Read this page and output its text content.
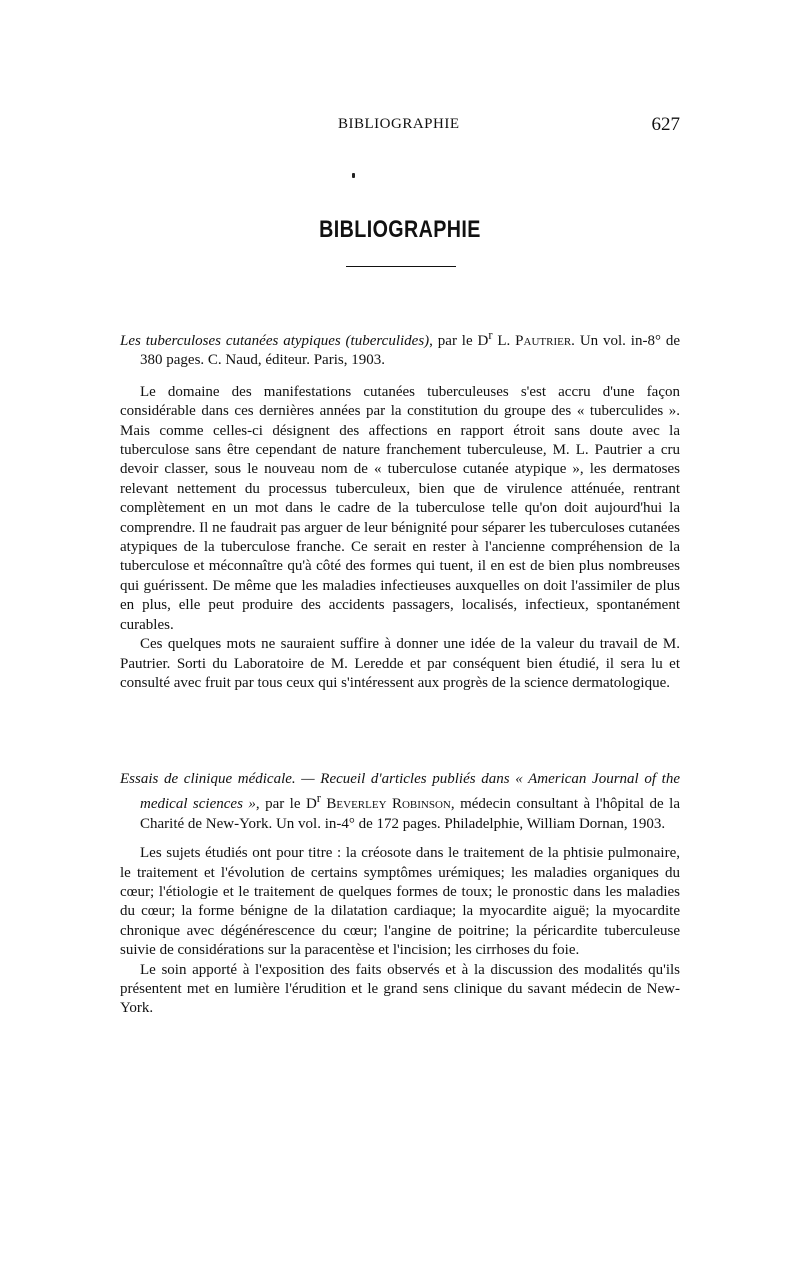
BIBLIOGRAPHIE	627
BIBLIOGRAPHIE

Les tuberculoses cutanées atypiques (tuberculides), par le $D^r$ L. Pautrier. Un vol. in-8° de 380 pages. C. Naud, éditeur. Paris, 1903.

Le domaine des manifestations cutanées tuberculeuses s'est accru d'une façon considérable dans ces dernières années par la constitution du groupe des « tuberculides ». Mais comme celles-ci désignent des affections en rapport étroit sans doute avec la tuberculose sans être cependant de nature franchement tuberculeuse, M. L. Pautrier a cru devoir classer, sous le nouveau nom de « tuberculose cutanée atypique », les dermatoses relevant nettement du processus tuberculeux, bien que de virulence atténuée, rentrant complètement en un mot dans le cadre de la tuberculose telle qu'on doit aujourd'hui la comprendre. Il ne faudrait pas arguer de leur bénignité pour séparer les tuberculoses cutanées atypiques de la tuberculose franche. Ce serait en rester à l'ancienne compréhension de la tuberculose et méconnaître qu'à côté des formes qui tuent, il en est de bien plus nombreuses qui guérissent. De même que les maladies infectieuses auxquelles on doit l'assimiler de plus en plus, elle peut produire des accidents passagers, localisés, infectieux, spontanément curables.

Ces quelques mots ne sauraient suffire à donner une idée de la valeur du travail de M. Pautrier. Sorti du Laboratoire de M. Leredde et par conséquent bien étudié, il sera lu et consulté avec fruit par tous ceux qui s'intéressent aux progrès de la science dermatologique.

Essais de clinique médicale. — Recueil d'articles publiés dans « American Journal of the medical sciences », par le $D^r$ Beverley Robinson, médecin consultant à l'hôpital de la Charité de New-York. Un vol. in-4° de 172 pages. Philadelphie, William Dornan, 1903.

Les sujets étudiés ont pour titre : la créosote dans le traitement de la phtisie pulmonaire, le traitement et l'évolution de certains symptômes urémiques; les maladies organiques du cœur; l'étiologie et le traitement de quelques formes de toux; le pronostic dans les maladies du cœur; la forme bénigne de la dilatation cardiaque; la myocardite aiguë; la myocardite chronique avec dégénérescence du cœur; l'angine de poitrine; la péricardite tuberculeuse suivie de considérations sur la paracentèse et l'incision; les cirrhoses du foie.

Le soin apporté à l'exposition des faits observés et à la discussion des modalités qu'ils présentent met en lumière l'érudition et le grand sens clinique du savant médecin de New-York.
